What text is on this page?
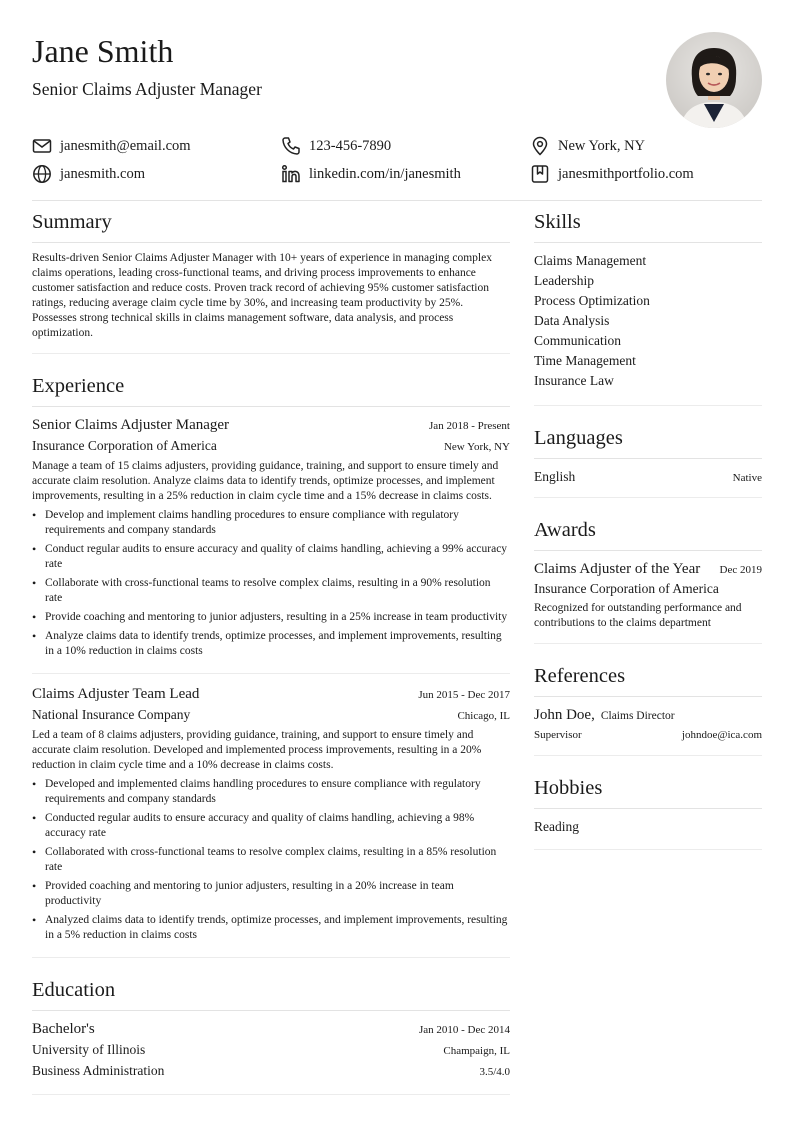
Jane Smith
Senior Claims Adjuster Manager
janesmith@email.com	123-456-7890	New York, NY
janesmith.com	linkedin.com/in/janesmith	janesmithportfolio.com
Summary

Results-driven Senior Claims Adjuster Manager with 10+ years of experience in managing complex claims operations, leading cross-functional teams, and driving process improvements to enhance customer satisfaction and reduce costs. Proven track record of achieving 95% customer satisfaction ratings, reducing average claim cycle time by 30%, and increasing team productivity by 25%. Possesses strong technical skills in claims management software, data analysis, and process optimization.

Experience
Senior Claims Adjuster Manager	Jan 2018 - Present
Insurance Corporation of America	New York, NY

Manage a team of 15 claims adjusters, providing guidance, training, and support to ensure timely and accurate claim resolution. Analyze claims data to identify trends, optimize processes, and implement improvements, resulting in a 25% reduction in claim cycle time and a 15% decrease in claims costs.

• Develop and implement claims handling procedures to ensure compliance with regulatory requirements and company standards
• Conduct regular audits to ensure accuracy and quality of claims handling, achieving a 99% accuracy rate
• Collaborate with cross-functional teams to resolve complex claims, resulting in a 90% resolution rate
• Provide coaching and mentoring to junior adjusters, resulting in a 25% increase in team productivity
• Analyze claims data to identify trends, optimize processes, and implement improvements, resulting in a 10% reduction in claims costs
Claims Adjuster Team Lead	Jun 2015 - Dec 2017
National Insurance Company	Chicago, IL

Led a team of 8 claims adjusters, providing guidance, training, and support to ensure timely and accurate claim resolution. Developed and implemented process improvements, resulting in a 20% reduction in claim cycle time and a 10% decrease in claims costs.

• Developed and implemented claims handling procedures to ensure compliance with regulatory requirements and company standards
• Conducted regular audits to ensure accuracy and quality of claims handling, achieving a 98% accuracy rate
• Collaborated with cross-functional teams to resolve complex claims, resulting in a 85% resolution rate
• Provided coaching and mentoring to junior adjusters, resulting in a 20% increase in team productivity
• Analyzed claims data to identify trends, optimize processes, and implement improvements, resulting in a 5% reduction in claims costs
Education
Bachelor's	Jan 2010 - Dec 2014
University of Illinois	Champaign, IL
Business Administration	3.5/4.0
Skills
Claims Management
Leadership
Process Optimization
Data Analysis
Communication
Time Management
Insurance Law
Languages
English	Native
Awards
Claims Adjuster of the Year Dec 2019
Insurance Corporation of America

Recognized for outstanding performance and contributions to the claims department

References
John Doe, Claims Director
Supervisor	johndoe@ica.com
Hobbies
Reading
